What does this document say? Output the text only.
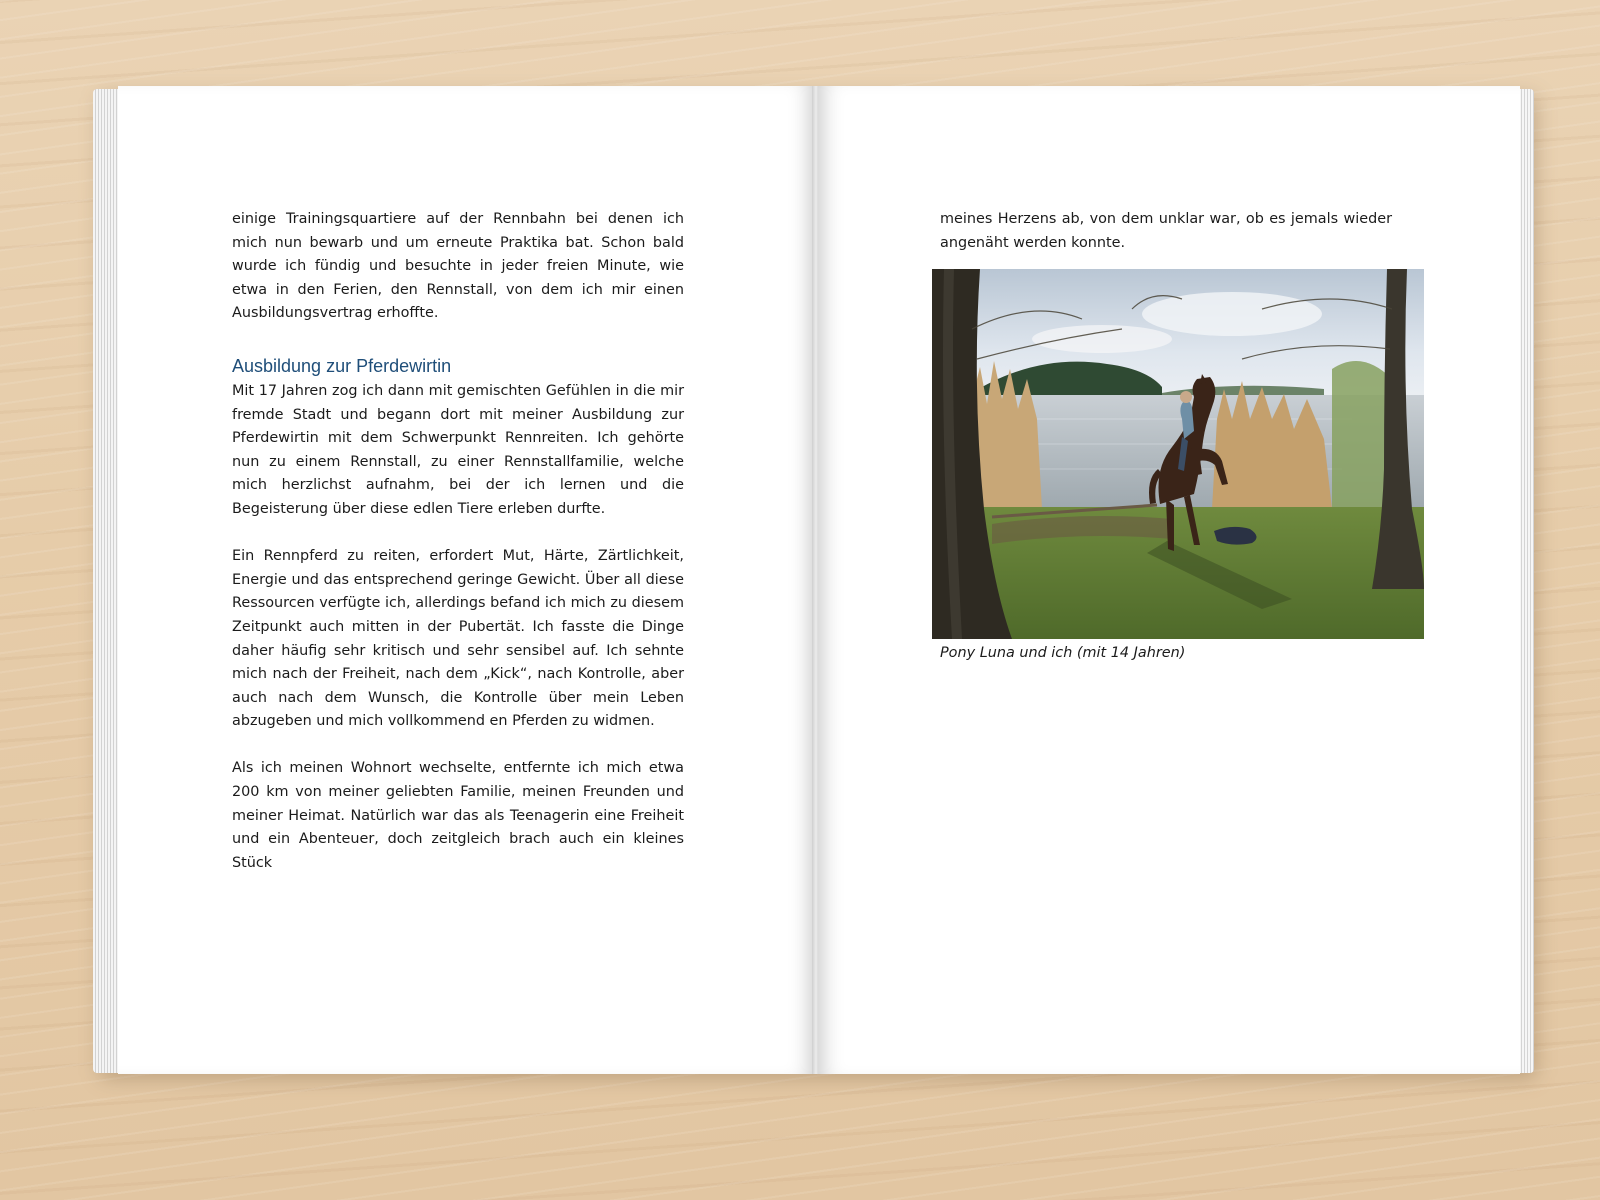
einige Trainingsquartiere auf der Rennbahn bei denen ich mich nun bewarb und um erneute Praktika bat. Schon bald wurde ich fündig und besuchte in jeder freien Minute, wie etwa in den Ferien, den Rennstall, von dem ich mir einen Ausbildungsvertrag erhoffte.

Ausbildung zur Pferdewirtin

Mit 17 Jahren zog ich dann mit gemischten Gefühlen in die mir fremde Stadt und begann dort mit meiner Ausbildung zur Pferdewirtin mit dem Schwerpunkt Rennreiten. Ich gehörte nun zu einem Rennstall, zu einer Rennstallfamilie, welche mich herzlichst aufnahm, bei der ich lernen und die Begeisterung über diese edlen Tiere erleben durfte.

Ein Rennpferd zu reiten, erfordert Mut, Härte, Zärtlichkeit, Energie und das entsprechend geringe Gewicht. Über all diese Ressourcen verfügte ich, allerdings befand ich mich zu diesem Zeitpunkt auch mitten in der Pubertät. Ich fasste die Dinge daher häufig sehr kritisch und sehr sensibel auf. Ich sehnte mich nach der Freiheit, nach dem „Kick“, nach Kontrolle, aber auch nach dem Wunsch, die Kontrolle über mein Leben abzugeben und mich vollkommend en Pferden zu widmen.

Als ich meinen Wohnort wechselte, entfernte ich mich etwa 200 km von meiner geliebten Familie, meinen Freunden und meiner Heimat. Natürlich war das als Teenagerin eine Freiheit und ein Abenteuer, doch zeitgleich brach auch ein kleines Stück

meines Herzens ab, von dem unklar war, ob es jemals wieder angenäht werden konnte.

Pony Luna und ich (mit 14 Jahren)
